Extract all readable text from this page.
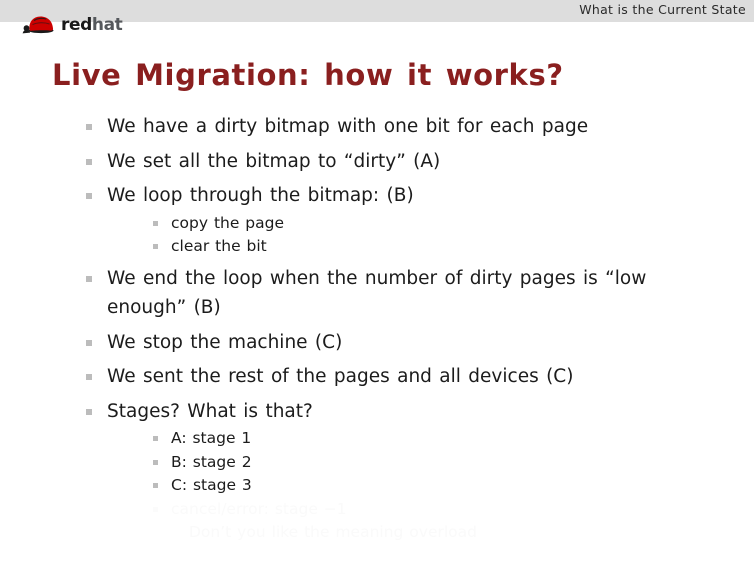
What is the Current State
redhat
Live Migration: how it works?
We have a dirty bitmap with one bit for each page
We set all the bitmap to “dirty” (A)
We loop through the bitmap: (B)
copy the page
clear the bit
We end the loop when the number of dirty pages is “low
enough” (B)
We stop the machine (C)
We sent the rest of the pages and all devices (C)
Stages? What is that?
A: stage 1
B: stage 2
C: stage 3
cancel/error: stage −1
Don’t you like the meaning overload
